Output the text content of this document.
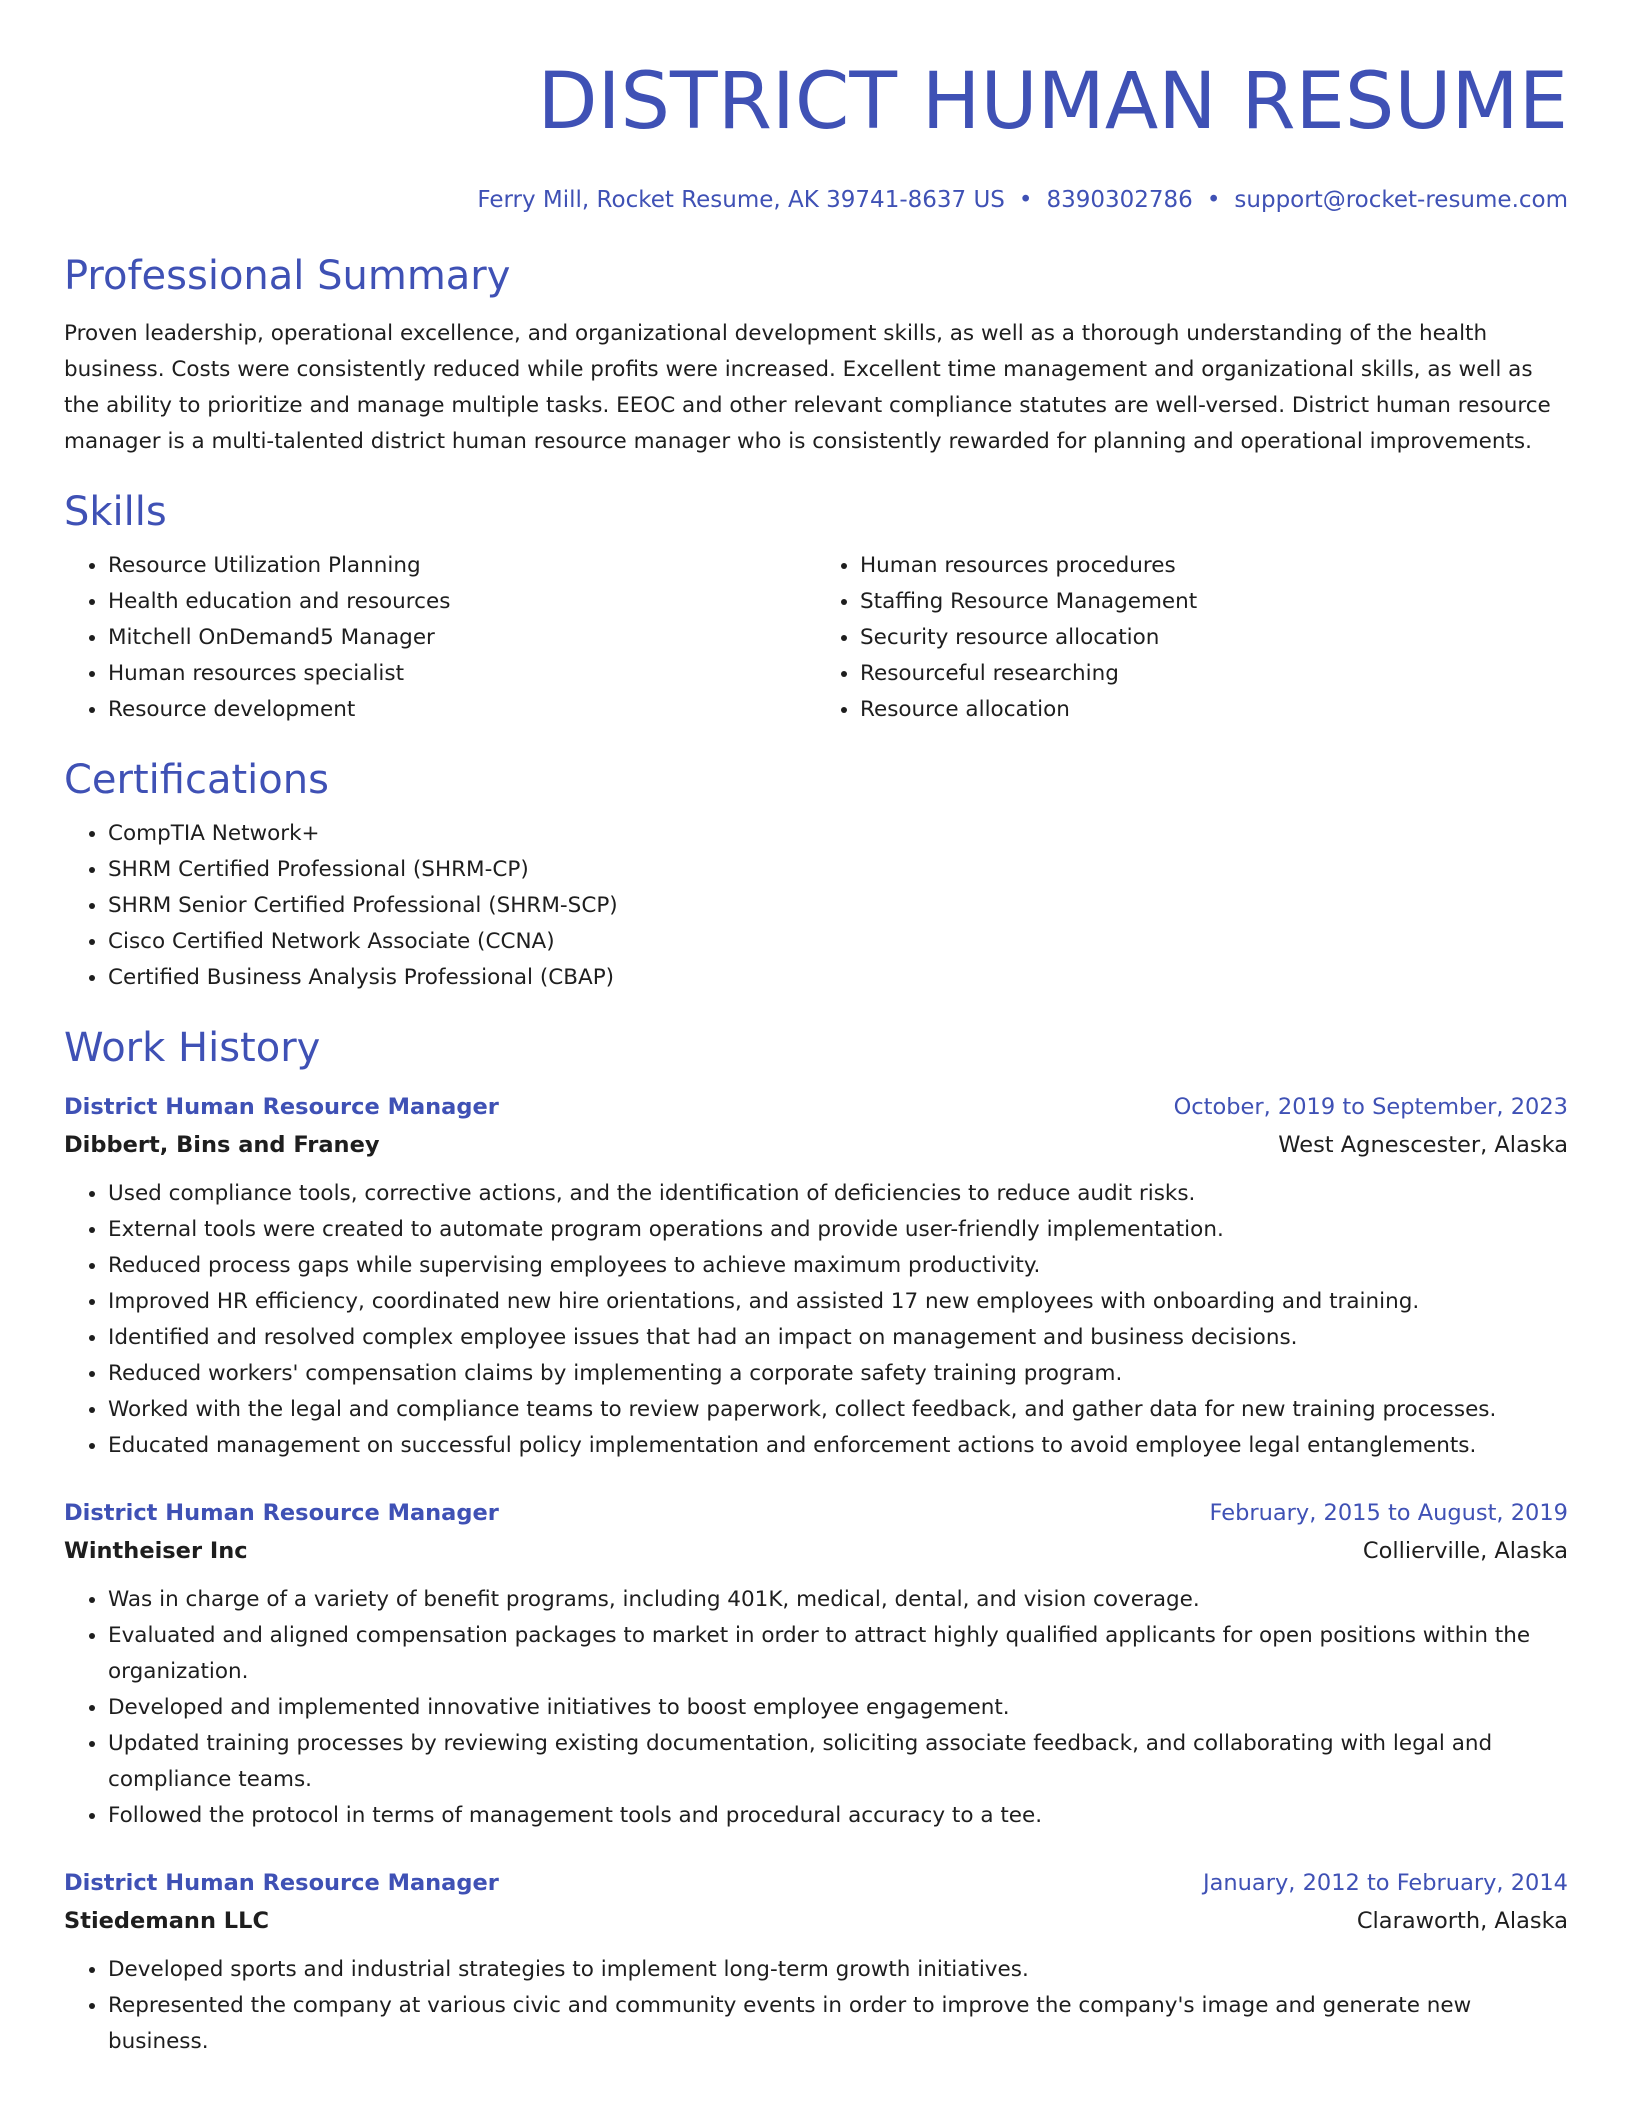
DISTRICT HUMAN RESUME
Ferry Mill, Rocket Resume, AK 39741-8637 US • 8390302786 • support@rocket-resume.com
Professional Summary
Proven leadership, operational excellence, and organizational development skills, as well as a thorough understanding of the health business. Costs were consistently reduced while profits were increased. Excellent time management and organizational skills, as well as the ability to prioritize and manage multiple tasks. EEOC and other relevant compliance statutes are well-versed. District human resource manager is a multi-talented district human resource manager who is consistently rewarded for planning and operational improvements.
Skills
• Resource Utilization Planning
• Health education and resources
• Mitchell OnDemand5 Manager
• Human resources specialist
• Resource development
• Human resources procedures
• Staffing Resource Management
• Security resource allocation
• Resourceful researching
• Resource allocation
Certifications
• CompTIA Network+
• SHRM Certified Professional (SHRM-CP)
• SHRM Senior Certified Professional (SHRM-SCP)
• Cisco Certified Network Associate (CCNA)
• Certified Business Analysis Professional (CBAP)
Work History
District Human Resource Manager	October, 2019 to September, 2023
Dibbert, Bins and Franey	West Agnescester, Alaska
• Used compliance tools, corrective actions, and the identification of deficiencies to reduce audit risks.
• External tools were created to automate program operations and provide user-friendly implementation.
• Reduced process gaps while supervising employees to achieve maximum productivity.
• Improved HR efficiency, coordinated new hire orientations, and assisted 17 new employees with onboarding and training.
• Identified and resolved complex employee issues that had an impact on management and business decisions.
• Reduced workers' compensation claims by implementing a corporate safety training program.
• Worked with the legal and compliance teams to review paperwork, collect feedback, and gather data for new training processes.
• Educated management on successful policy implementation and enforcement actions to avoid employee legal entanglements.
District Human Resource Manager	February, 2015 to August, 2019
Wintheiser Inc	Collierville, Alaska
• Was in charge of a variety of benefit programs, including 401K, medical, dental, and vision coverage.
• Evaluated and aligned compensation packages to market in order to attract highly qualified applicants for open positions within the organization.
• Developed and implemented innovative initiatives to boost employee engagement.
• Updated training processes by reviewing existing documentation, soliciting associate feedback, and collaborating with legal and compliance teams.
• Followed the protocol in terms of management tools and procedural accuracy to a tee.
District Human Resource Manager	January, 2012 to February, 2014
Stiedemann LLC	Claraworth, Alaska
• Developed sports and industrial strategies to implement long-term growth initiatives.
• Represented the company at various civic and community events in order to improve the company's image and generate new business.
